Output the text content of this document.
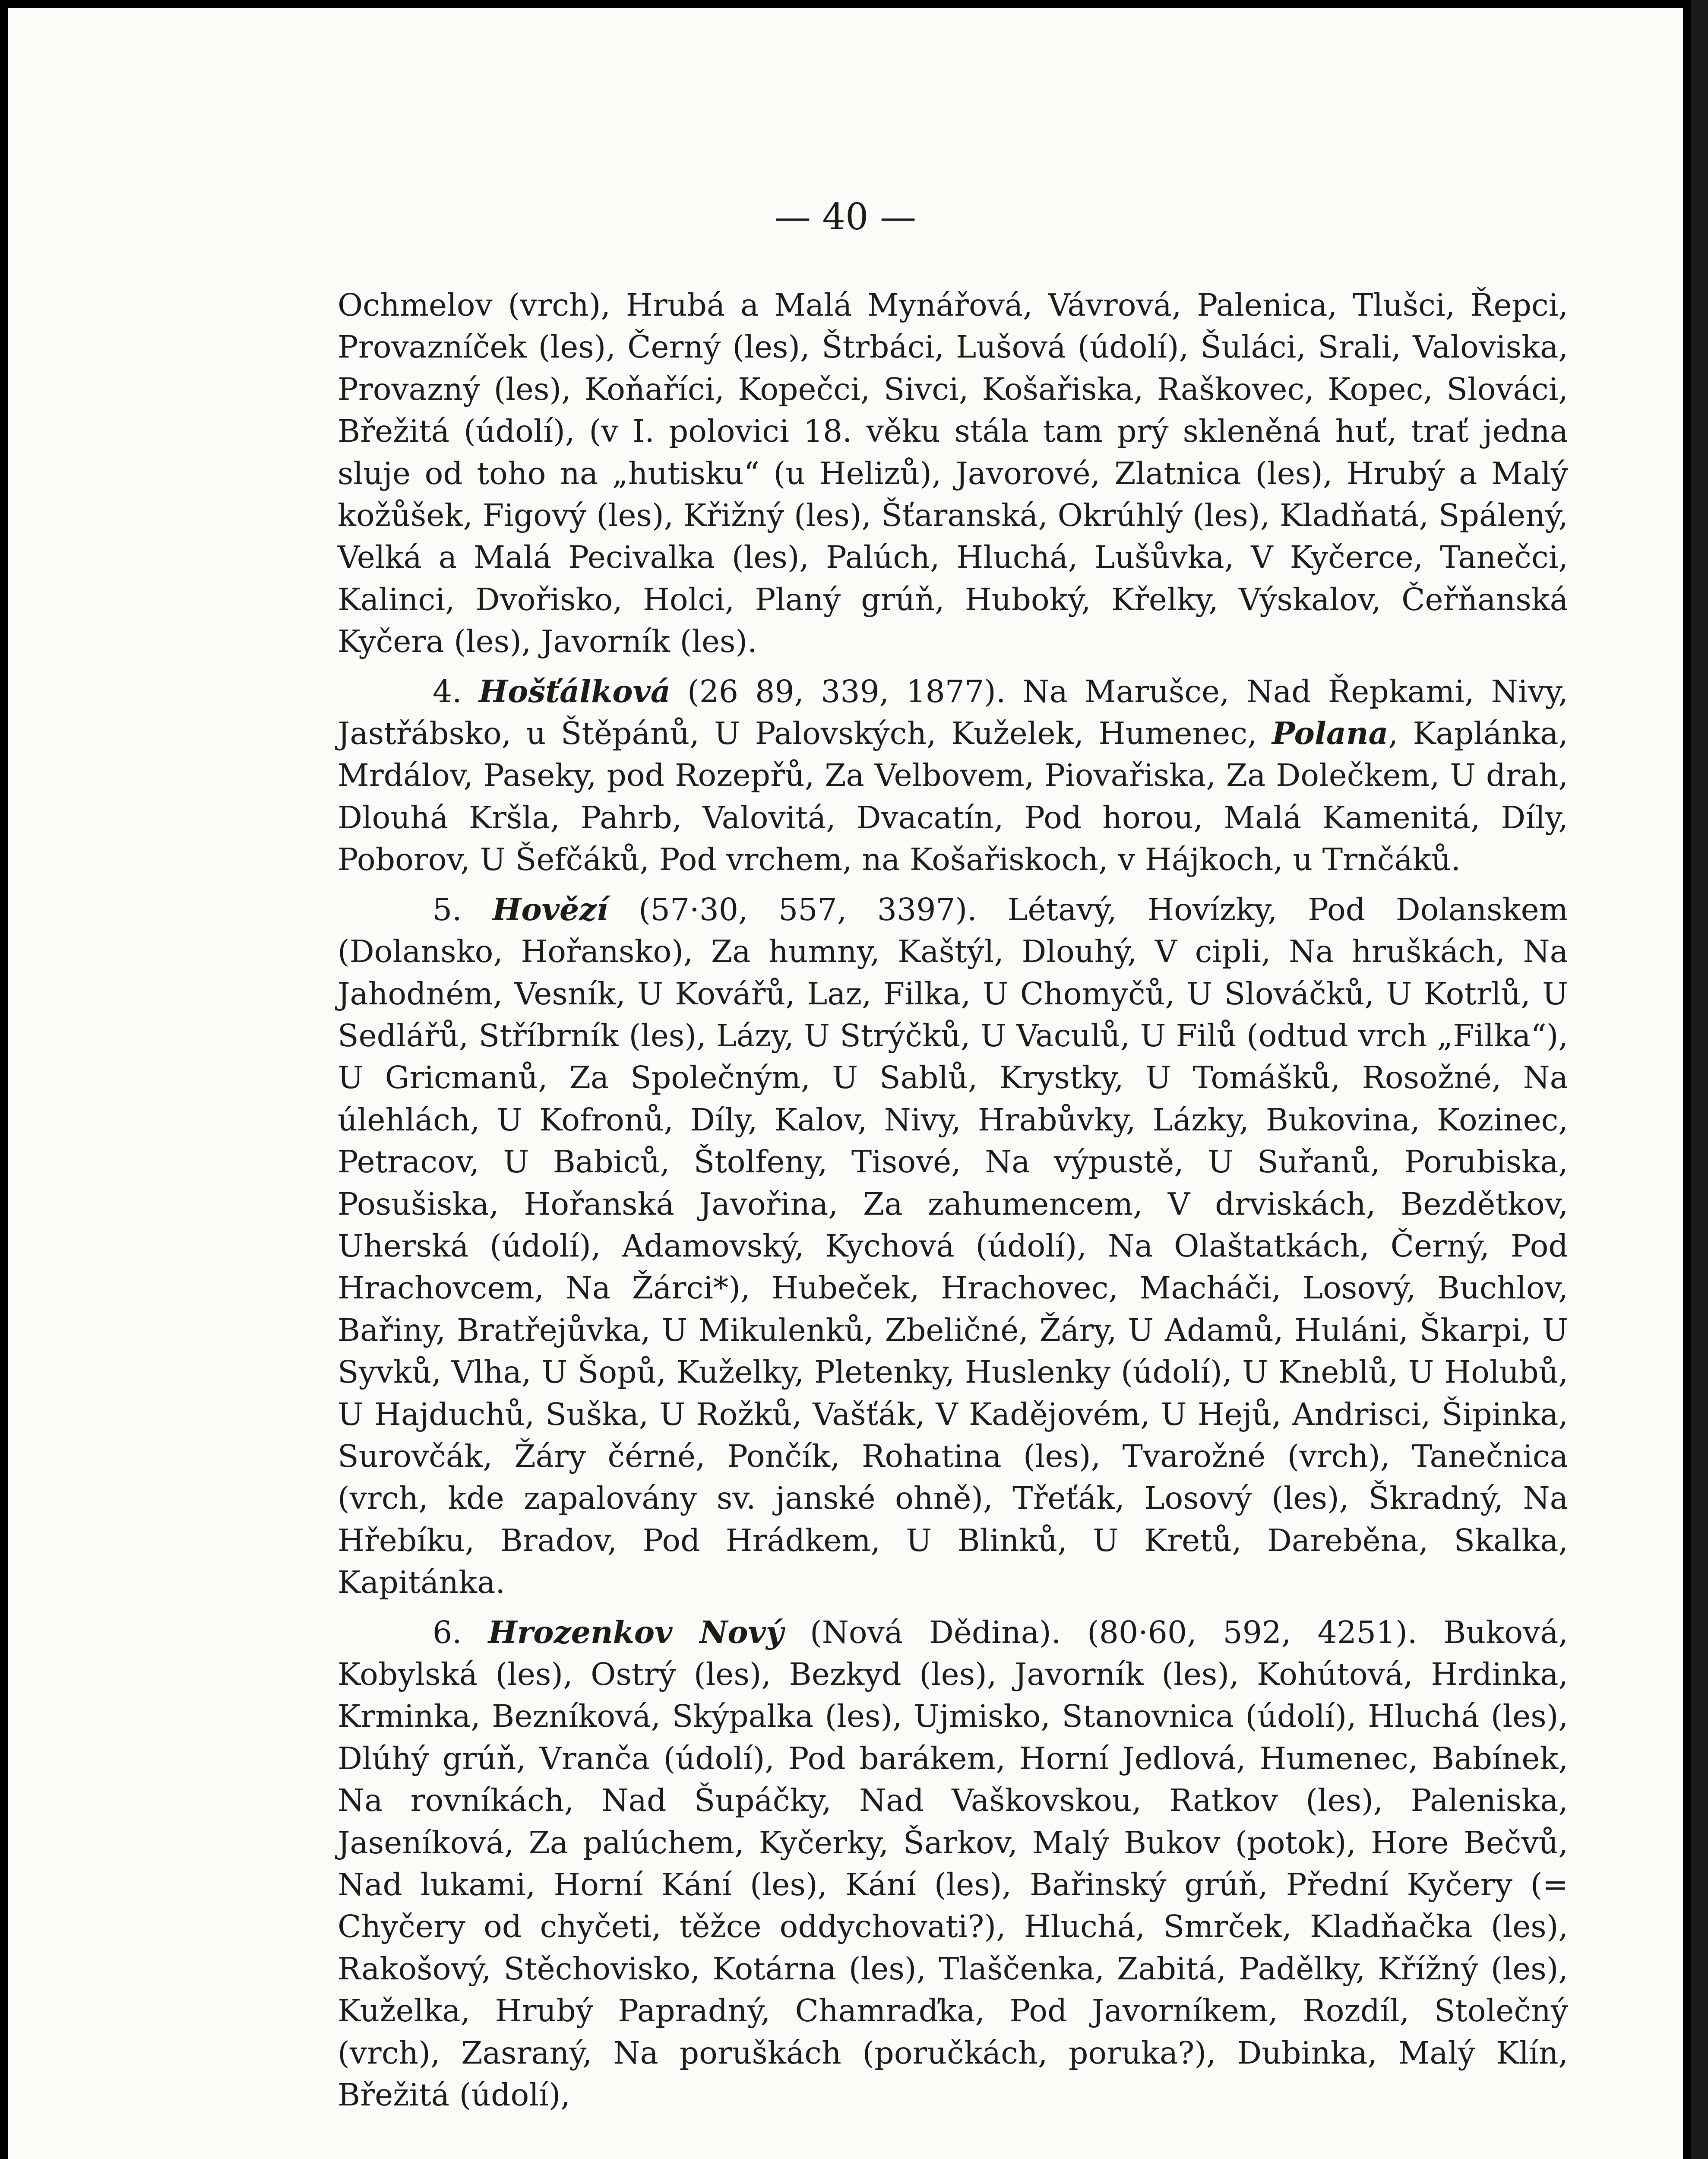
— 40 —

Ochmelov (vrch), Hrubá a Malá Mynářová, Vávrová, Palenica, Tlušci, Řepci, Provazníček (les), Černý (les), Štrbáci, Lušová (údolí), Šuláci, Srali, Valoviska, Provazný (les), Koňaříci, Kopečci, Sivci, Košařiska, Raškovec, Kopec, Slováci, Břežitá (údolí), (v I. polovici 18. věku stála tam prý skleněná huť, trať jedna sluje od toho na „hutisku“ (u Helizů), Javorové, Zlatnica (les), Hrubý a Malý kožůšek, Figový (les), Křižný (les), Šťaranská, Okrúhlý (les), Kladňatá, Spálený, Velká a Malá Pecivalka (les), Palúch, Hluchá, Lušůvka, V Kyčerce, Tanečci, Kalinci, Dvořisko, Holci, Planý grúň, Huboký, Křelky, Výskalov, Čeřňanská Kyčera (les), Javorník (les).

4. Hošťálková (26 89, 339, 1877). Na Marušce, Nad Řepkami, Nivy, Jastřábsko, u Štěpánů, U Palovských, Kuželek, Humenec, Polana, Kaplánka, Mrdálov, Paseky, pod Rozepřů, Za Velbovem, Piovařiska, Za Dolečkem, U drah, Dlouhá Kršla, Pahrb, Valovitá, Dvacatín, Pod horou, Malá Kamenitá, Díly, Poborov, U Šefčáků, Pod vrchem, na Košařiskoch, v Hájkoch, u Trnčáků.

5. Hovězí (57·30, 557, 3397). Létavý, Hovízky, Pod Dolanskem (Dolansko, Hořansko), Za humny, Kaštýl, Dlouhý, V cipli, Na hruškách, Na Jahodném, Vesník, U Kovářů, Laz, Filka, U Chomyčů, U Slováčků, U Kotrlů, U Sedlářů, Stříbrník (les), Lázy, U Strýčků, U Vaculů, U Filů (odtud vrch „Filka“), U Gricmanů, Za Společným, U Sablů, Krystky, U Tomášků, Rosožné, Na úlehlách, U Kofronů, Díly, Kalov, Nivy, Hrabůvky, Lázky, Bukovina, Kozinec, Petracov, U Babiců, Štolfeny, Tisové, Na výpustě, U Suřanů, Porubiska, Posušiska, Hořanská Javořina, Za zahumencem, V drviskách, Bezdětkov, Uherská (údolí), Adamovský, Kychová (údolí), Na Olaštatkách, Černý, Pod Hrachovcem, Na Žárci*), Hubeček, Hrachovec, Macháči, Losový, Buchlov, Bařiny, Bratřejůvka, U Mikulenků, Zbeličné, Žáry, U Adamů, Huláni, Škarpi, U Syvků, Vlha, U Šopů, Kuželky, Pletenky, Huslenky (údolí), U Kneblů, U Holubů, U Hajduchů, Suška, U Rožků, Vašťák, V Kadějovém, U Hejů, Andrisci, Šipinka, Surovčák, Žáry čérné, Pončík, Rohatina (les), Tvarožné (vrch), Tanečnica (vrch, kde zapalovány sv. janské ohně), Třeťák, Losový (les), Škradný, Na Hřebíku, Bradov, Pod Hrádkem, U Blinků, U Kretů, Dareběna, Skalka, Kapitánka.

6. Hrozenkov Nový (Nová Dědina). (80·60, 592, 4251). Buková, Kobylská (les), Ostrý (les), Bezkyd (les), Javorník (les), Kohútová, Hrdinka, Krminka, Bezníková, Skýpalka (les), Ujmisko, Stanovnica (údolí), Hluchá (les), Dlúhý grúň, Vranča (údolí), Pod barákem, Horní Jedlová, Humenec, Babínek, Na rovníkách, Nad Šupáčky, Nad Vaškovskou, Ratkov (les), Paleniska, Jaseníková, Za palúchem, Kyčerky, Šarkov, Malý Bukov (potok), Hore Bečvů, Nad lukami, Horní Kání (les), Kání (les), Bařinský grúň, Přední Kyčery (= Chyčery od chyčeti, těžce oddychovati?), Hluchá, Smrček, Kladňačka (les), Rakošový, Stěchovisko, Kotárna (les), Tlaščenka, Zabitá, Padělky, Křížný (les), Kuželka, Hrubý Papradný, Chamraďka, Pod Javorníkem, Rozdíl, Stolečný (vrch), Zasraný, Na poruškách (poručkách, poruka?), Dubinka, Malý Klín, Břežitá (údolí),
